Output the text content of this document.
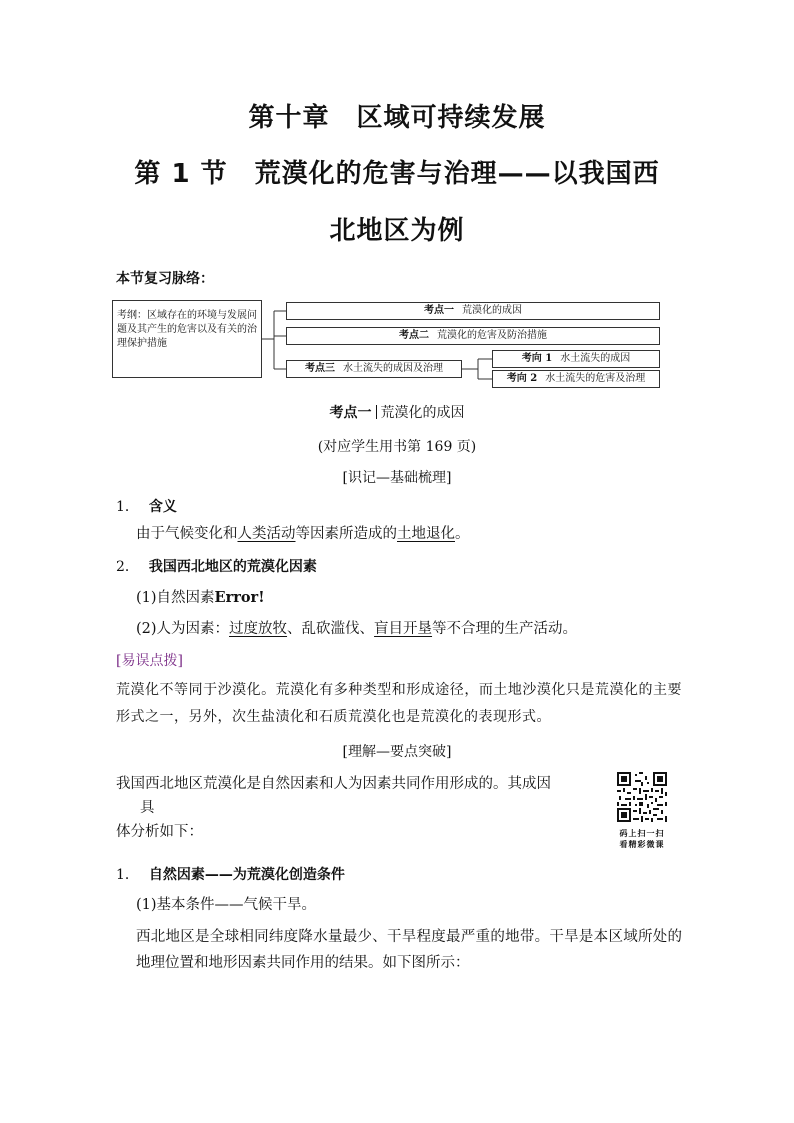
第十章　区域可持续发展
第 1 节　荒漠化的危害与治理——以我国西
北地区为例
本节复习脉络：
考纲：区域存在的环境与发展问题及其产生的危害以及有关的治理保护措施
考点一 荒漠化的成因
考点二 荒漠化的危害及防治措施
考点三 水土流失的成因及治理
考向 1 水土流失的成因
考向 2 水土流失的危害及治理
考点一 荒漠化的成因
(对应学生用书第 169 页)
[识记—基础梳理]
1． 含义
由于气候变化和人类活动等因素所造成的土地退化。
2． 我国西北地区的荒漠化因素
(1)自然因素Error!
(2)人为因素：过度放牧、乱砍滥伐、盲目开垦等不合理的生产活动。
[易误点拨]
荒漠化不等同于沙漠化。荒漠化有多种类型和形成途径，而土地沙漠化只是荒漠化的主要形式之一，另外，次生盐渍化和石质荒漠化也是荒漠化的表现形式。
[理解—要点突破]
我国西北地区荒漠化是自然因素和人为因素共同作用形成的。其成因
具
体分析如下：	码上扫一扫
看精彩微课
1． 自然因素——为荒漠化创造条件
(1)基本条件——气候干旱。
西北地区是全球相同纬度降水量最少、干旱程度最严重的地带。干旱是本区域所处的地理位置和地形因素共同作用的结果。如下图所示：
